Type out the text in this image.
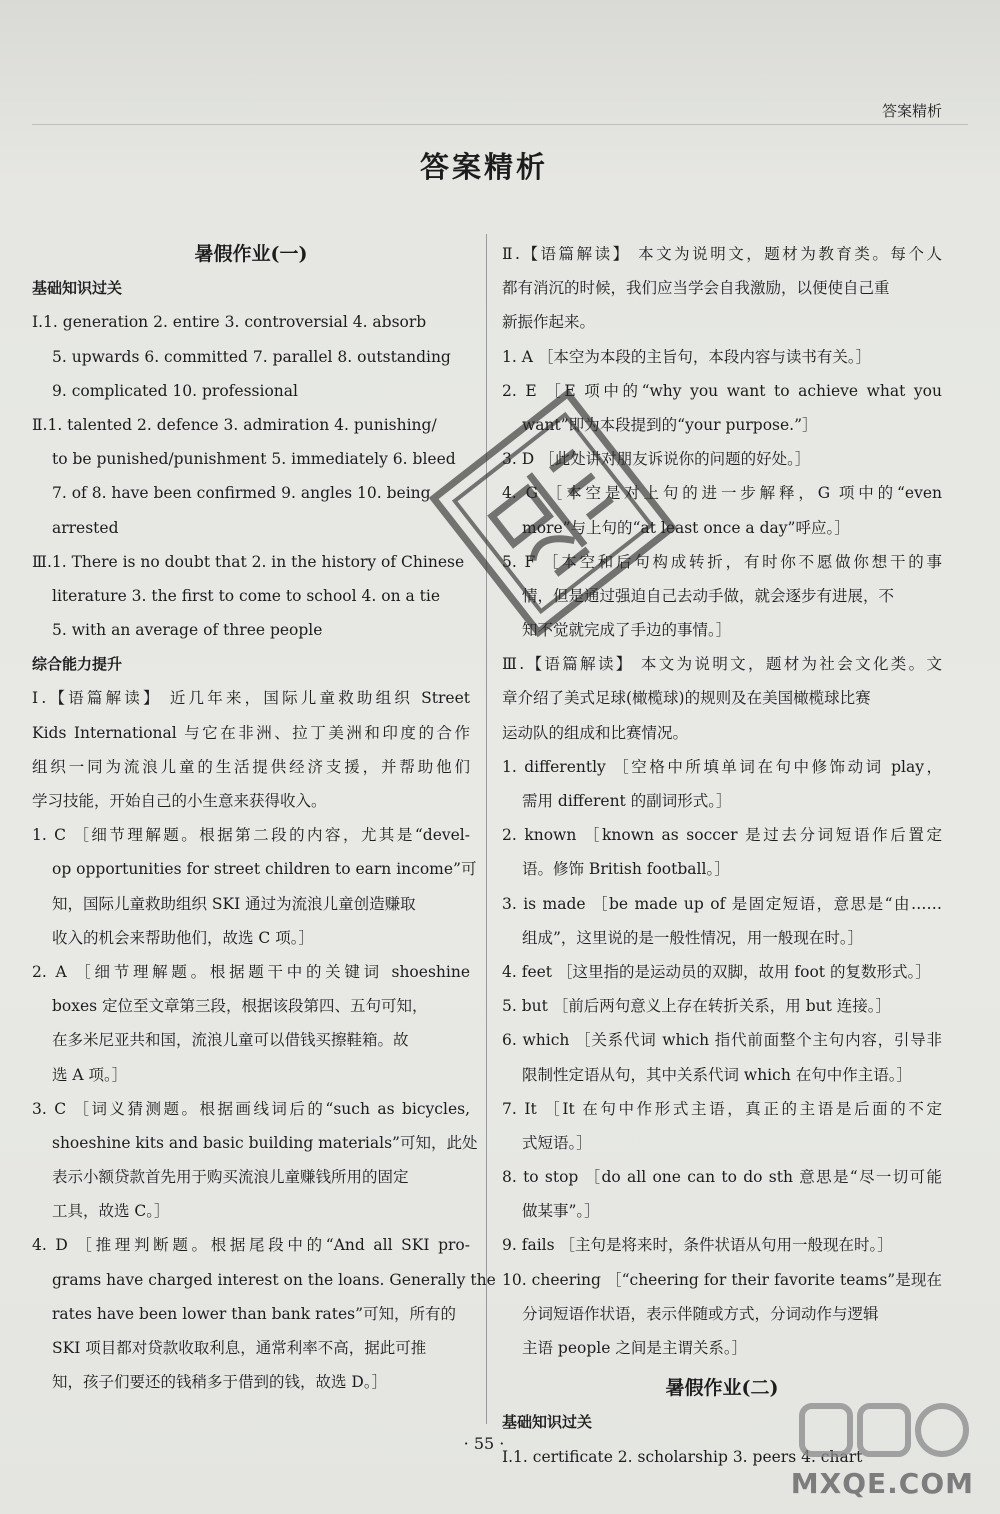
答案精析
答案精析
暑假作业(一)
基础知识过关
Ⅰ.1. generation 2. entire 3. controversial 4. absorb
5. upwards 6. committed 7. parallel 8. outstanding
9. complicated 10. professional
Ⅱ.1. talented 2. defence 3. admiration 4. punishing/
to be punished/punishment 5. immediately 6. bleed
7. of 8. have been confirmed 9. angles 10. being
arrested
Ⅲ.1. There is no doubt that 2. in the history of Chinese
literature 3. the first to come to school 4. on a tie
5. with an average of three people
综合能力提升
Ⅰ.【语篇解读】 近几年来，国际儿童救助组织 Street
Kids International 与它在非洲、拉丁美洲和印度的合作
组织一同为流浪儿童的生活提供经济支援，并帮助他们
学习技能，开始自己的小生意来获得收入。
1. C ［细节理解题。根据第二段的内容，尤其是“devel-
op opportunities for street children to earn income”可
知，国际儿童救助组织 SKI 通过为流浪儿童创造赚取
收入的机会来帮助他们，故选 C 项。］
2. A ［细节理解题。根据题干中的关键词 shoeshine
boxes 定位至文章第三段，根据该段第四、五句可知，
在多米尼亚共和国，流浪儿童可以借钱买擦鞋箱。故
选 A 项。］
3. C ［词义猜测题。根据画线词后的“such as bicycles,
shoeshine kits and basic building materials”可知，此处
表示小额贷款首先用于购买流浪儿童赚钱所用的固定
工具，故选 C。］
4. D ［推理判断题。根据尾段中的“And all SKI pro-
grams have charged interest on the loans. Generally the
rates have been lower than bank rates”可知，所有的
SKI 项目都对贷款收取利息，通常利率不高，据此可推
知，孩子们要还的钱稍多于借到的钱，故选 D。］
Ⅱ.【语篇解读】 本文为说明文，题材为教育类。每个人
都有消沉的时候，我们应当学会自我激励，以便使自己重
新振作起来。
1. A ［本空为本段的主旨句，本段内容与读书有关。］
2. E ［E 项中的“why you want to achieve what you
want”即为本段提到的“your purpose.”］
3. D ［此处讲对朋友诉说你的问题的好处。］
4. G ［本空是对上句的进一步解释，G 项中的“even
more”与上句的“at least once a day”呼应。］
5. F ［本空和后句构成转折，有时你不愿做你想干的事
情，但是通过强迫自己去动手做，就会逐步有进展，不
知不觉就完成了手边的事情。］
Ⅲ.【语篇解读】 本文为说明文，题材为社会文化类。文
章介绍了美式足球(橄榄球)的规则及在美国橄榄球比赛
运动队的组成和比赛情况。
1. differently ［空格中所填单词在句中修饰动词 play，
需用 different 的副词形式。］
2. known ［known as soccer 是过去分词短语作后置定
语。修饰 British football。］
3. is made ［be made up of 是固定短语，意思是“由……
组成”，这里说的是一般性情况，用一般现在时。］
4. feet ［这里指的是运动员的双脚，故用 foot 的复数形式。］
5. but ［前后两句意义上存在转折关系，用 but 连接。］
6. which ［关系代词 which 指代前面整个主句内容，引导非
限制性定语从句，其中关系代词 which 在句中作主语。］
7. It ［It 在句中作形式主语，真正的主语是后面的不定
式短语。］
8. to stop ［do all one can to do sth 意思是“尽一切可能
做某事”。］
9. fails ［主句是将来时，条件状语从句用一般现在时。］
10. cheering ［“cheering for their favorite teams”是现在
分词短语作状语，表示伴随或方式，分词动作与逻辑
主语 people 之间是主谓关系。］
暑假作业(二)
基础知识过关
Ⅰ.1. certificate 2. scholarship 3. peers 4. chart
· 55 ·
MXQE.COM
